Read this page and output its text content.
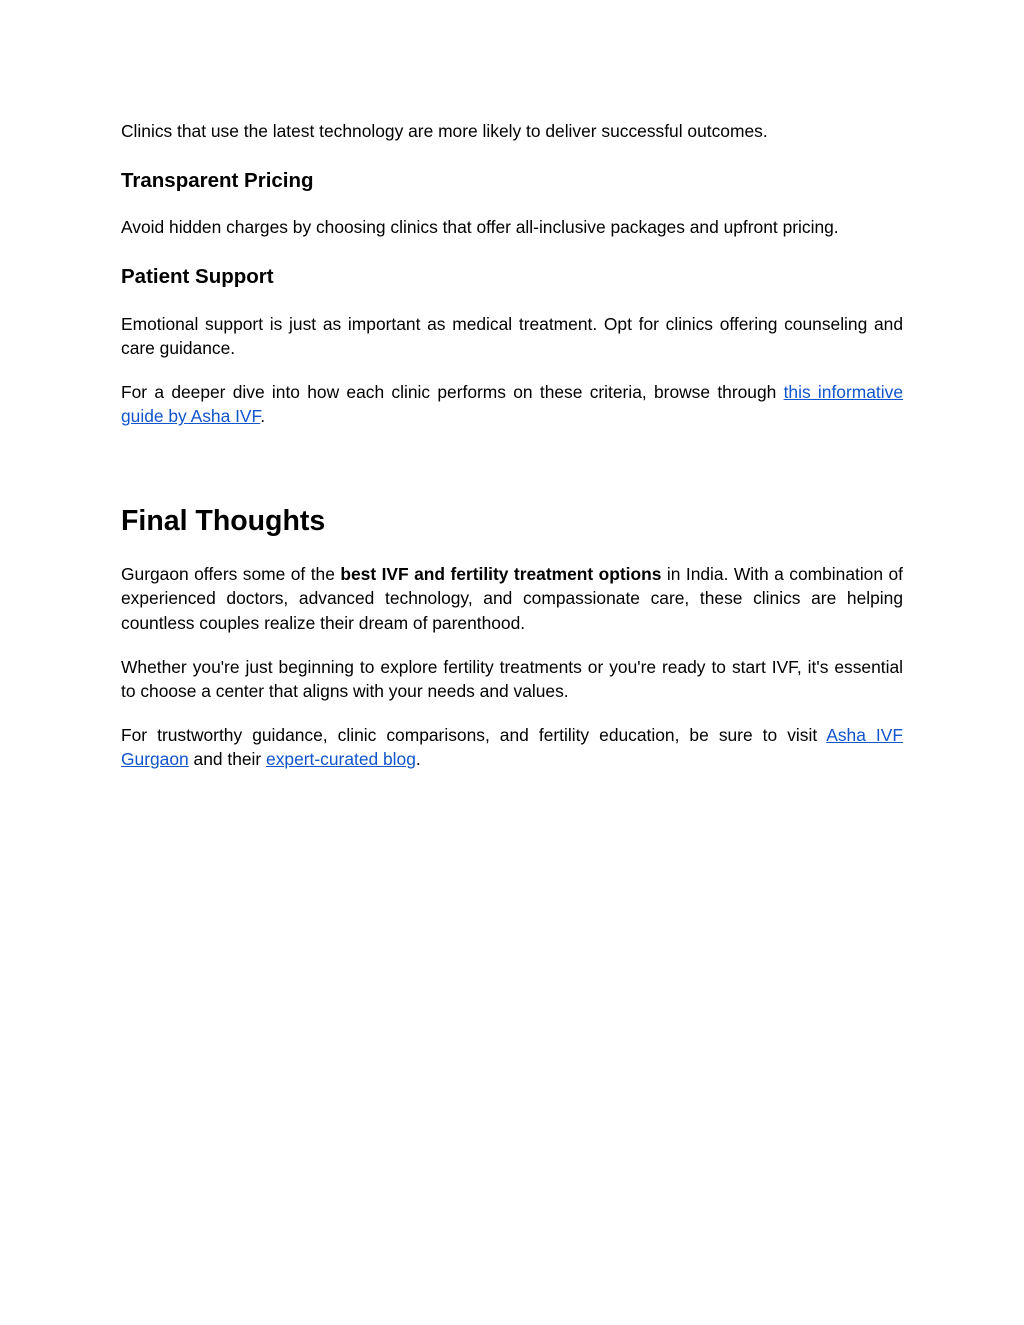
Clinics that use the latest technology are more likely to deliver successful outcomes.

Transparent Pricing

Avoid hidden charges by choosing clinics that offer all-inclusive packages and upfront pricing.

Patient Support

Emotional support is just as important as medical treatment. Opt for clinics offering counseling and care guidance.

For a deeper dive into how each clinic performs on these criteria, browse through this informative guide by Asha IVF.

Final Thoughts

Gurgaon offers some of the best IVF and fertility treatment options in India. With a combination of experienced doctors, advanced technology, and compassionate care, these clinics are helping countless couples realize their dream of parenthood.

Whether you're just beginning to explore fertility treatments or you're ready to start IVF, it's essential to choose a center that aligns with your needs and values.

For trustworthy guidance, clinic comparisons, and fertility education, be sure to visit Asha IVF Gurgaon and their expert-curated blog.
